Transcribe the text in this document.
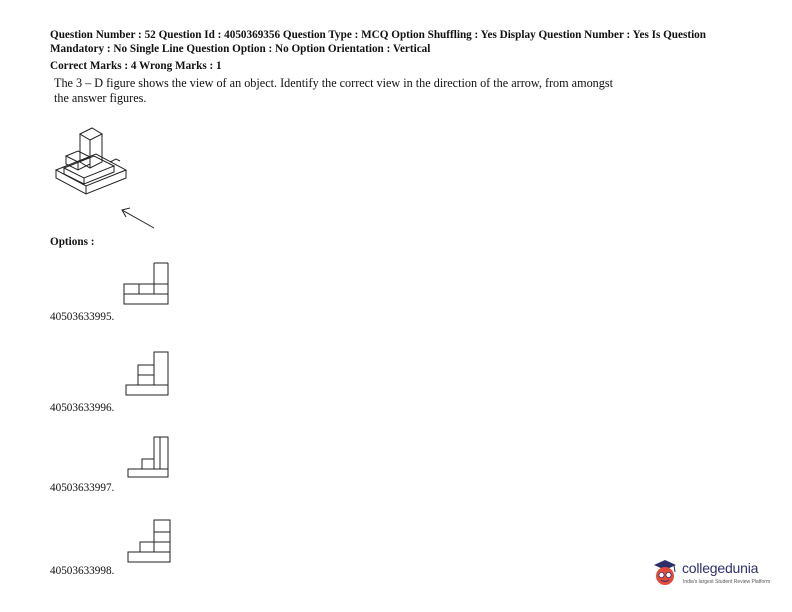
Question Number : 52 Question Id : 4050369356 Question Type : MCQ Option Shuffling : Yes Display Question Number : Yes Is Question Mandatory : No Single Line Question Option : No Option Orientation : Vertical
Correct Marks : 4 Wrong Marks : 1
The 3 – D figure shows the view of an object. Identify the correct view in the direction of the arrow, from amongst the answer figures.
Options :
40503633995.
40503633996.
40503633997.
40503633998.	collegedunia
India's largest Student Review Platform
